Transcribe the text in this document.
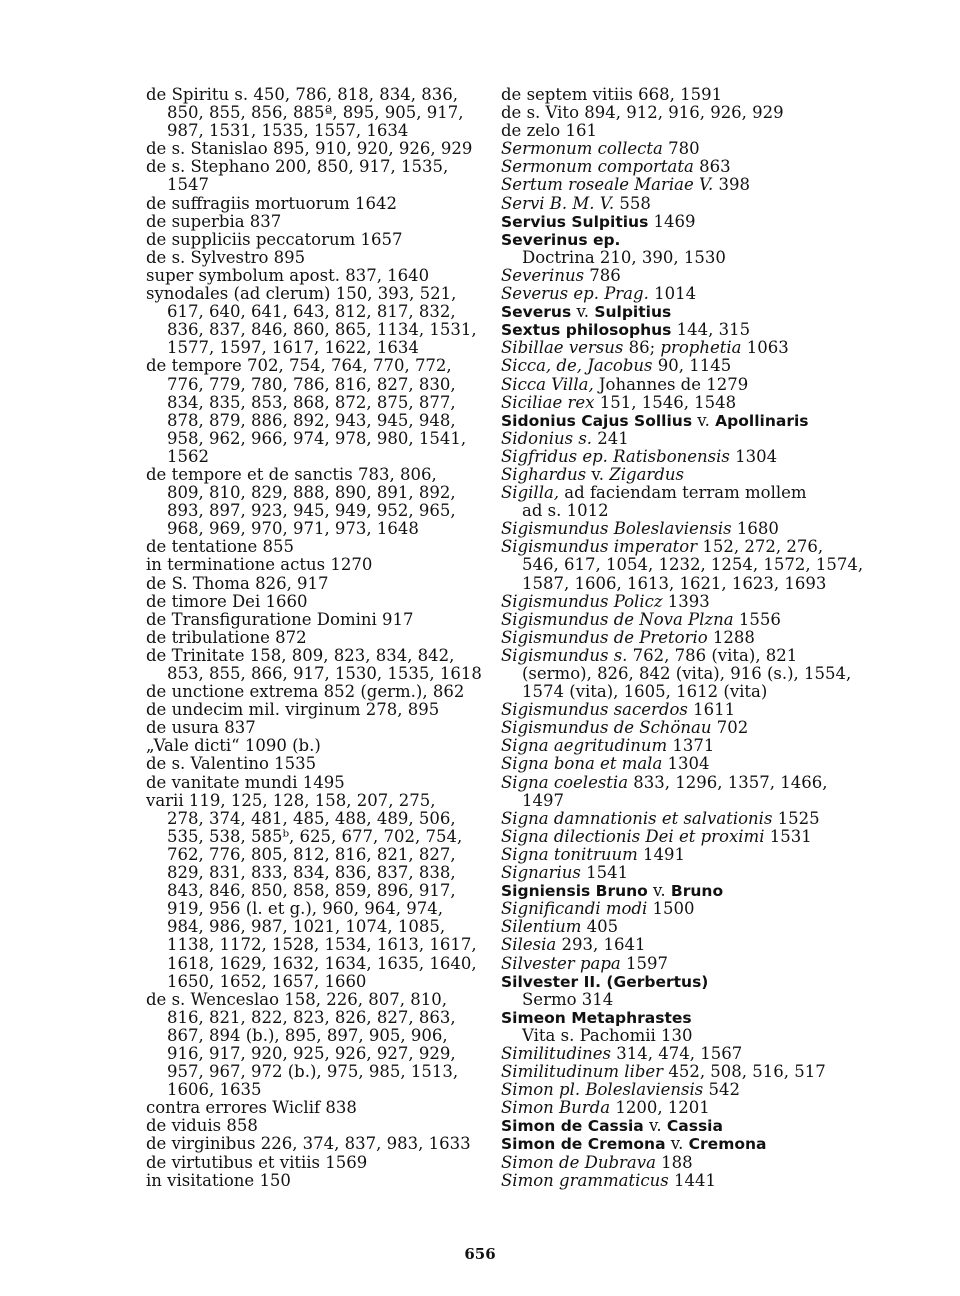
de Spiritu s. 450, 786, 818, 834, 836,
850, 855, 856, 885ª, 895, 905, 917,
987, 1531, 1535, 1557, 1634
de s. Stanislao 895, 910, 920, 926, 929
de s. Stephano 200, 850, 917, 1535,
1547
de suffragiis mortuorum 1642
de superbia 837
de suppliciis peccatorum 1657
de s. Sylvestro 895
super symbolum apost. 837, 1640
synodales (ad clerum) 150, 393, 521,
617, 640, 641, 643, 812, 817, 832,
836, 837, 846, 860, 865, 1134, 1531,
1577, 1597, 1617, 1622, 1634
de tempore 702, 754, 764, 770, 772,
776, 779, 780, 786, 816, 827, 830,
834, 835, 853, 868, 872, 875, 877,
878, 879, 886, 892, 943, 945, 948,
958, 962, 966, 974, 978, 980, 1541,
1562
de tempore et de sanctis 783, 806,
809, 810, 829, 888, 890, 891, 892,
893, 897, 923, 945, 949, 952, 965,
968, 969, 970, 971, 973, 1648
de tentatione 855
in terminatione actus 1270
de S. Thoma 826, 917
de timore Dei 1660
de Transfiguratione Domini 917
de tribulatione 872
de Trinitate 158, 809, 823, 834, 842,
853, 855, 866, 917, 1530, 1535, 1618
de unctione extrema 852 (germ.), 862
de undecim mil. virginum 278, 895
de usura 837
„Vale dicti“ 1090 (b.)
de s. Valentino 1535
de vanitate mundi 1495
varii 119, 125, 128, 158, 207, 275,
278, 374, 481, 485, 488, 489, 506,
535, 538, 585ᵇ, 625, 677, 702, 754,
762, 776, 805, 812, 816, 821, 827,
829, 831, 833, 834, 836, 837, 838,
843, 846, 850, 858, 859, 896, 917,
919, 956 (l. et g.), 960, 964, 974,
984, 986, 987, 1021, 1074, 1085,
1138, 1172, 1528, 1534, 1613, 1617,
1618, 1629, 1632, 1634, 1635, 1640,
1650, 1652, 1657, 1660
de s. Wenceslao 158, 226, 807, 810,
816, 821, 822, 823, 826, 827, 863,
867, 894 (b.), 895, 897, 905, 906,
916, 917, 920, 925, 926, 927, 929,
957, 967, 972 (b.), 975, 985, 1513,
1606, 1635
contra errores Wiclif 838
de viduis 858
de virginibus 226, 374, 837, 983, 1633
de virtutibus et vitiis 1569
in visitatione 150
de septem vitiis 668, 1591
de s. Vito 894, 912, 916, 926, 929
de zelo 161
Sermonum collecta 780
Sermonum comportata 863
Sertum roseale Mariae V. 398
Servi B. M. V. 558
Servius Sulpitius 1469
Severinus ep.
Doctrina 210, 390, 1530
Severinus 786
Severus ep. Prag. 1014
Severus v. Sulpitius
Sextus philosophus 144, 315
Sibillae versus 86; prophetia 1063
Sicca, de, Jacobus 90, 1145
Sicca Villa, Johannes de 1279
Siciliae rex 151, 1546, 1548
Sidonius Cajus Sollius v. Apollinaris
Sidonius s. 241
Sigfridus ep. Ratisbonensis 1304
Sighardus v. Zigardus
Sigilla, ad faciendam terram mollem
ad s. 1012
Sigismundus Boleslaviensis 1680
Sigismundus imperator 152, 272, 276,
546, 617, 1054, 1232, 1254, 1572, 1574,
1587, 1606, 1613, 1621, 1623, 1693
Sigismundus Policz 1393
Sigismundus de Nova Plzna 1556
Sigismundus de Pretorio 1288
Sigismundus s. 762, 786 (vita), 821
(sermo), 826, 842 (vita), 916 (s.), 1554,
1574 (vita), 1605, 1612 (vita)
Sigismundus sacerdos 1611
Sigismundus de Schönau 702
Signa aegritudinum 1371
Signa bona et mala 1304
Signa coelestia 833, 1296, 1357, 1466,
1497
Signa damnationis et salvationis 1525
Signa dilectionis Dei et proximi 1531
Signa tonitruum 1491
Signarius 1541
Signiensis Bruno v. Bruno
Significandi modi 1500
Silentium 405
Silesia 293, 1641
Silvester papa 1597
Silvester II. (Gerbertus)
Sermo 314
Simeon Metaphrastes
Vita s. Pachomii 130
Similitudines 314, 474, 1567
Similitudinum liber 452, 508, 516, 517
Simon pl. Boleslaviensis 542
Simon Burda 1200, 1201
Simon de Cassia v. Cassia
Simon de Cremona v. Cremona
Simon de Dubrava 188
Simon grammaticus 1441
656
